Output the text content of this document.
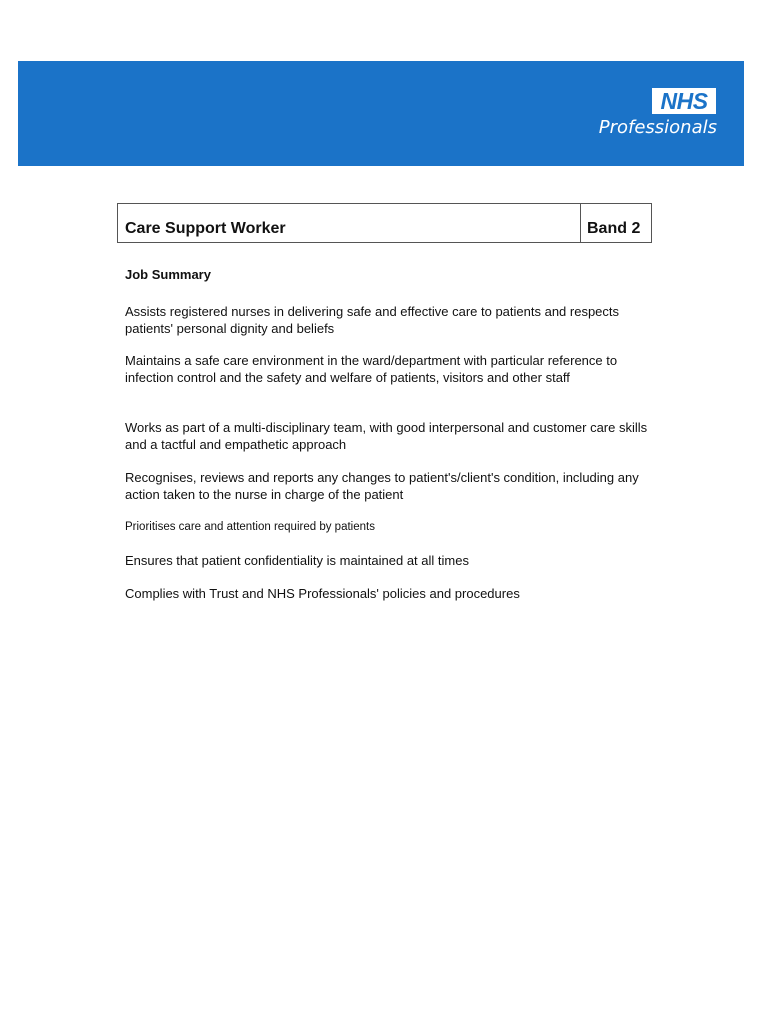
NHS
Professionals
Care Support Worker	Band 2
Job Summary
Assists registered nurses in delivering safe and effective care to patients and respects patients' personal dignity and beliefs
Maintains a safe care environment in the ward/department with particular reference to infection control and the safety and welfare of patients, visitors and other staff
Works as part of a multi-disciplinary team, with good interpersonal and customer care skills and a tactful and empathetic approach
Recognises, reviews and reports any changes to patient's/client's condition, including any action taken to the nurse in charge of the patient
Prioritises care and attention required by patients
Ensures that patient confidentiality is maintained at all times
Complies with Trust and NHS Professionals' policies and procedures
